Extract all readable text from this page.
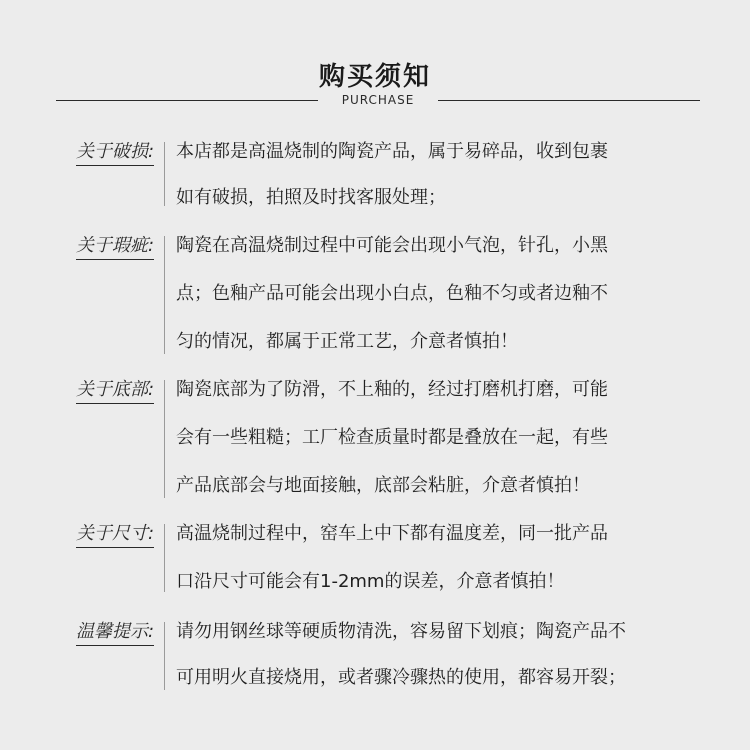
购买须知
PURCHASE
关于破损: 本店都是高温烧制的陶瓷产品，属于易碎品，收到包裹
如有破损，拍照及时找客服处理；
关于瑕疵: 陶瓷在高温烧制过程中可能会出现小气泡，针孔，小黑
点；色釉产品可能会出现小白点，色釉不匀或者边釉不
匀的情况，都属于正常工艺，介意者慎拍！
关于底部: 陶瓷底部为了防滑，不上釉的，经过打磨机打磨，可能
会有一些粗糙；工厂检查质量时都是叠放在一起，有些
产品底部会与地面接触，底部会粘脏，介意者慎拍！
关于尺寸: 高温烧制过程中，窑车上中下都有温度差，同一批产品
口沿尺寸可能会有1-2mm的误差，介意者慎拍！
温馨提示: 请勿用钢丝球等硬质物清洗，容易留下划痕；陶瓷产品不
可用明火直接烧用，或者骤冷骤热的使用，都容易开裂；
